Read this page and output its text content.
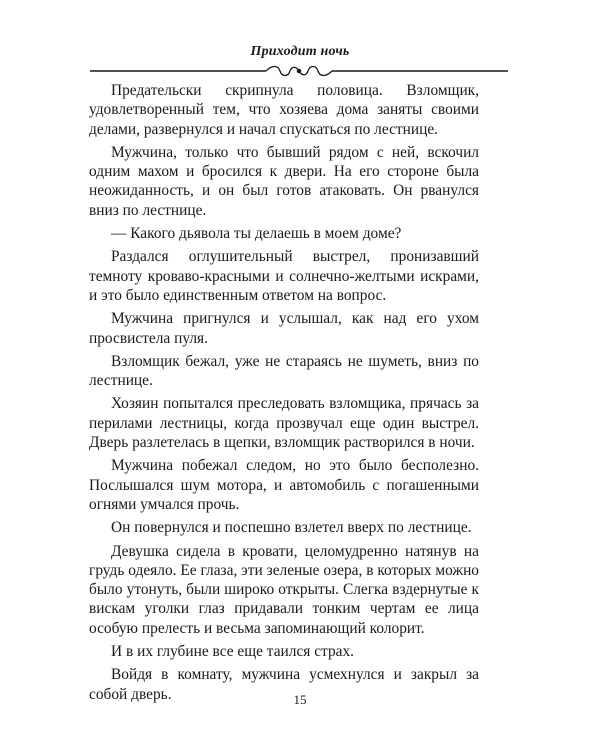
Приходит ночь

Предательски скрипнула половица. Взломщик, удовлетворенный тем, что хозяева дома заняты своими делами, развернулся и начал спускаться по лестнице.

Мужчина, только что бывший рядом с ней, вскочил одним махом и бросился к двери. На его стороне была неожиданность, и он был готов атаковать. Он рванулся вниз по лестнице.

— Какого дьявола ты делаешь в моем доме?

Раздался оглушительный выстрел, пронизавший темноту кроваво-красными и солнечно-желтыми искрами, и это было единственным ответом на вопрос.

Мужчина пригнулся и услышал, как над его ухом просвистела пуля.

Взломщик бежал, уже не стараясь не шуметь, вниз по лестнице.

Хозяин попытался преследовать взломщика, прячась за перилами лестницы, когда прозвучал еще один выстрел. Дверь разлетелась в щепки, взломщик растворился в ночи.

Мужчина побежал следом, но это было бесполезно. Послышался шум мотора, и автомобиль с погашенными огнями умчался прочь.

Он повернулся и поспешно взлетел вверх по лестнице.

Девушка сидела в кровати, целомудренно натянув на грудь одеяло. Ее глаза, эти зеленые озера, в которых можно было утонуть, были широко открыты. Слегка вздернутые к вискам уголки глаз придавали тонким чертам ее лица особую прелесть и весьма запоминающий колорит.

И в их глубине все еще таился страх.

Войдя в комнату, мужчина усмехнулся и закрыл за собой дверь.	15
